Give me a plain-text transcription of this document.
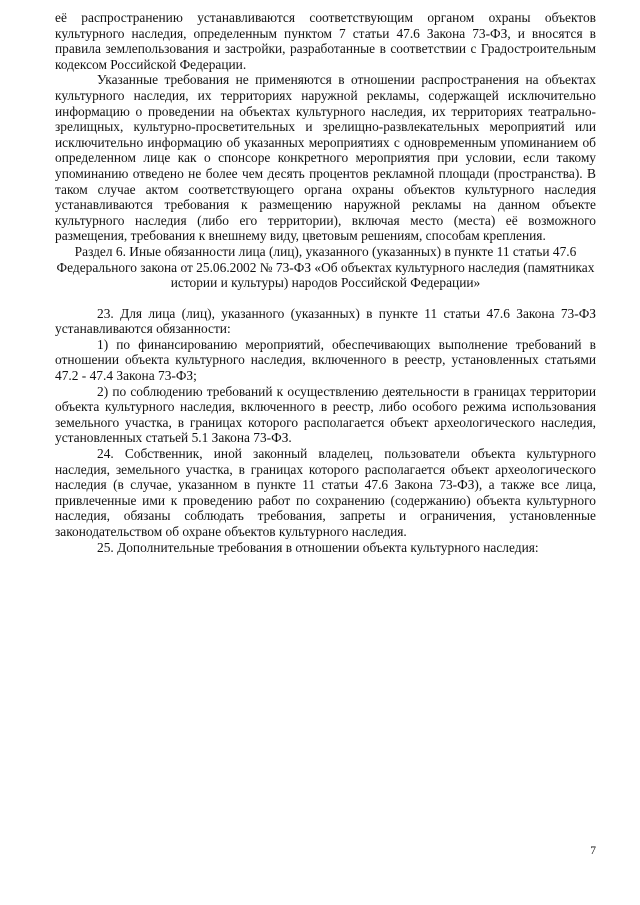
её распространению устанавливаются соответствующим органом охраны объектов культурного наследия, определенным пунктом 7 статьи 47.6 Закона 73-ФЗ, и вносятся в правила землепользования и застройки, разработанные в соответствии с Градостроительным кодексом Российской Федерации.

Указанные требования не применяются в отношении распространения на объектах культурного наследия, их территориях наружной рекламы, содержащей исключительно информацию о проведении на объектах культурного наследия, их территориях театрально-зрелищных, культурно-просветительных и зрелищно-развлекательных мероприятий или исключительно информацию об указанных мероприятиях с одновременным упоминанием об определенном лице как о спонсоре конкретного мероприятия при условии, если такому упоминанию отведено не более чем десять процентов рекламной площади (пространства). В таком случае актом соответствующего органа охраны объектов культурного наследия устанавливаются требования к размещению наружной рекламы на данном объекте культурного наследия (либо его территории), включая место (места) её возможного размещения, требования к внешнему виду, цветовым решениям, способам крепления.

Раздел 6. Иные обязанности лица (лиц), указанного (указанных) в пункте 11 статьи 47.6 Федерального закона от 25.06.2002 № 73-ФЗ «Об объектах культурного наследия (памятниках истории и культуры) народов Российской Федерации»

23. Для лица (лиц), указанного (указанных) в пункте 11 статьи 47.6 Закона 73-ФЗ устанавливаются обязанности:

1) по финансированию мероприятий, обеспечивающих выполнение требований в отношении объекта культурного наследия, включенного в реестр, установленных статьями 47.2 - 47.4 Закона 73-ФЗ;

2) по соблюдению требований к осуществлению деятельности в границах территории объекта культурного наследия, включенного в реестр, либо особого режима использования земельного участка, в границах которого располагается объект археологического наследия, установленных статьей 5.1 Закона 73-ФЗ.

24. Собственник, иной законный владелец, пользователи объекта культурного наследия, земельного участка, в границах которого располагается объект археологического наследия (в случае, указанном в пункте 11 статьи 47.6 Закона 73-ФЗ), а также все лица, привлеченные ими к проведению работ по сохранению (содержанию) объекта культурного наследия, обязаны соблюдать требования, запреты и ограничения, установленные законодательством об охране объектов культурного наследия.

25. Дополнительные требования в отношении объекта культурного наследия:

7
